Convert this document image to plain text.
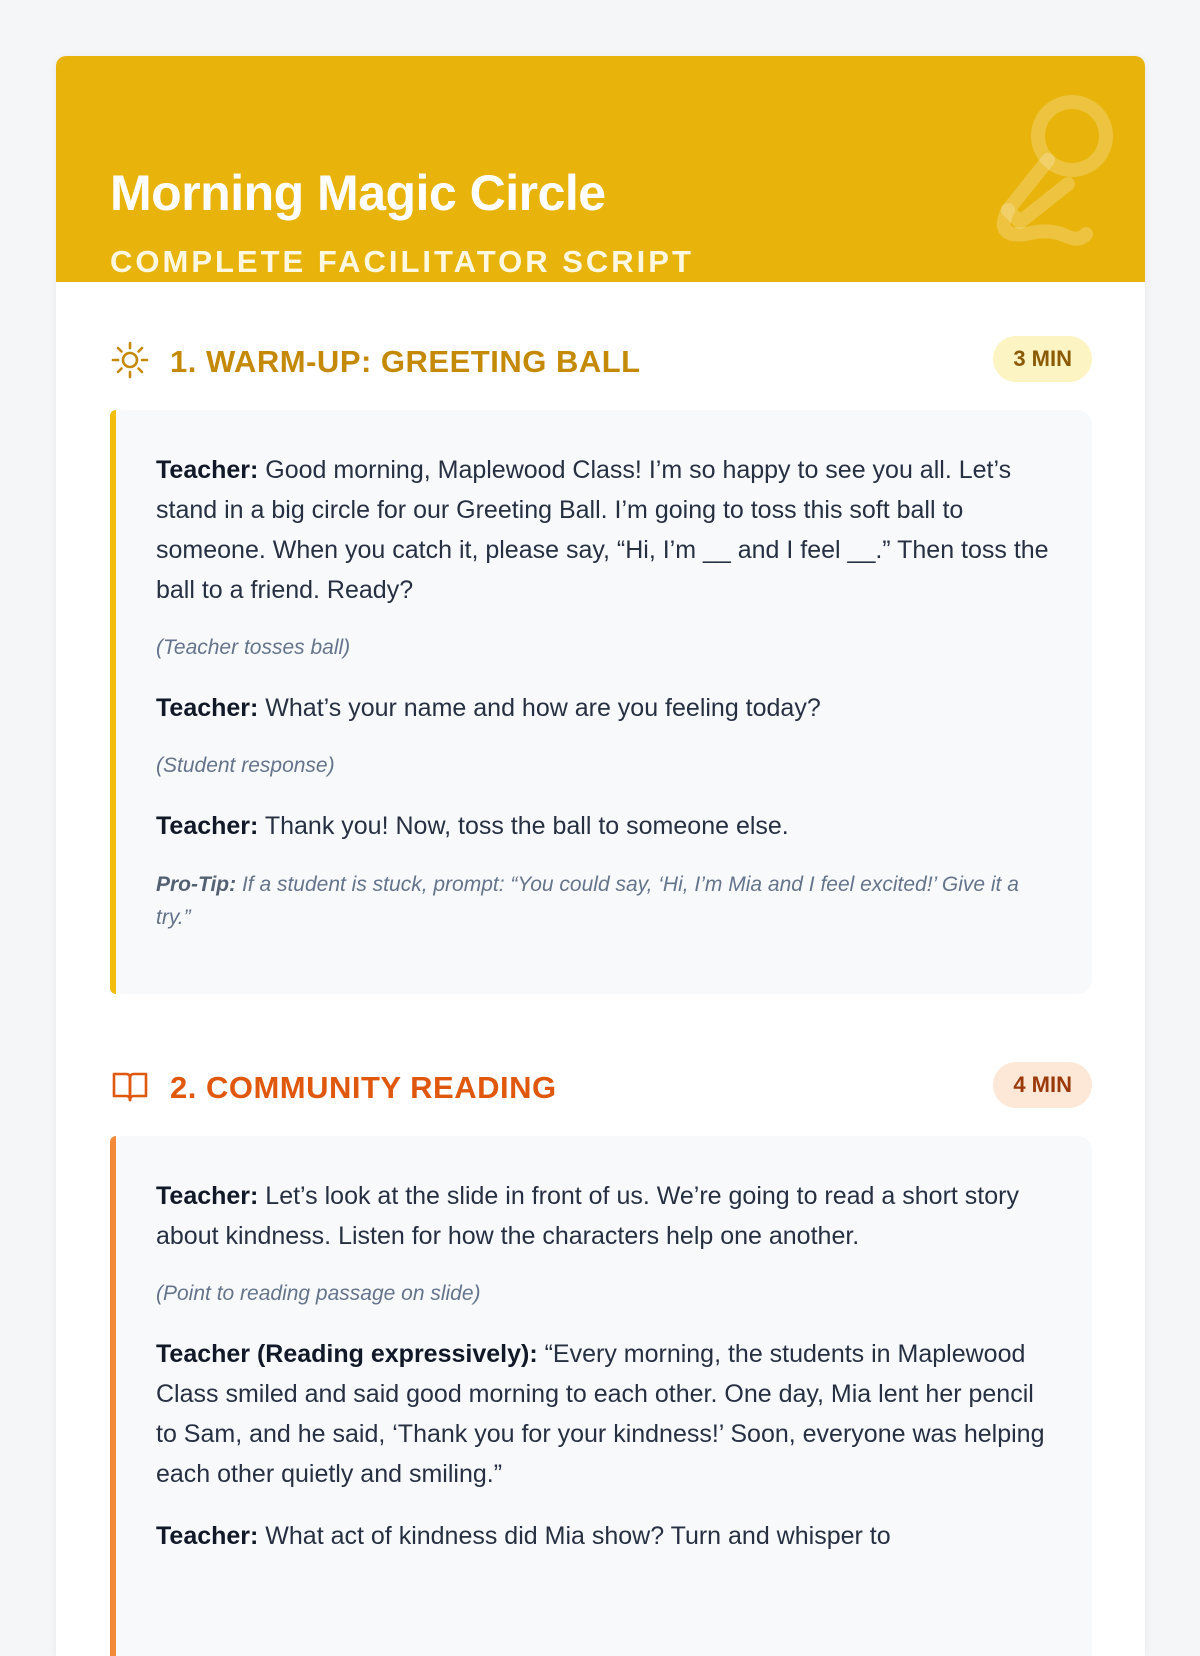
Morning Magic Circle

COMPLETE FACILITATOR SCRIPT

1. WARM-UP: GREETING BALL	3 MIN

Teacher: Good morning, Maplewood Class! I’m so happy to see you all. Let’s stand in a big circle for our Greeting Ball. I’m going to toss this soft ball to someone. When you catch it, please say, “Hi, I’m __ and I feel __.” Then toss the ball to a friend. Ready?

(Teacher tosses ball)

Teacher: What’s your name and how are you feeling today?

(Student response)

Teacher: Thank you! Now, toss the ball to someone else.

Pro-Tip: If a student is stuck, prompt: “You could say, ‘Hi, I’m Mia and I feel excited!’ Give it a try.”

2. COMMUNITY READING	4 MIN

Teacher: Let’s look at the slide in front of us. We’re going to read a short story about kindness. Listen for how the characters help one another.

(Point to reading passage on slide)

Teacher (Reading expressively): “Every morning, the students in Maplewood Class smiled and said good morning to each other. One day, Mia lent her pencil to Sam, and he said, ‘Thank you for your kindness!’ Soon, everyone was helping each other quietly and smiling.”

Teacher: What act of kindness did Mia show? Turn and whisper to
